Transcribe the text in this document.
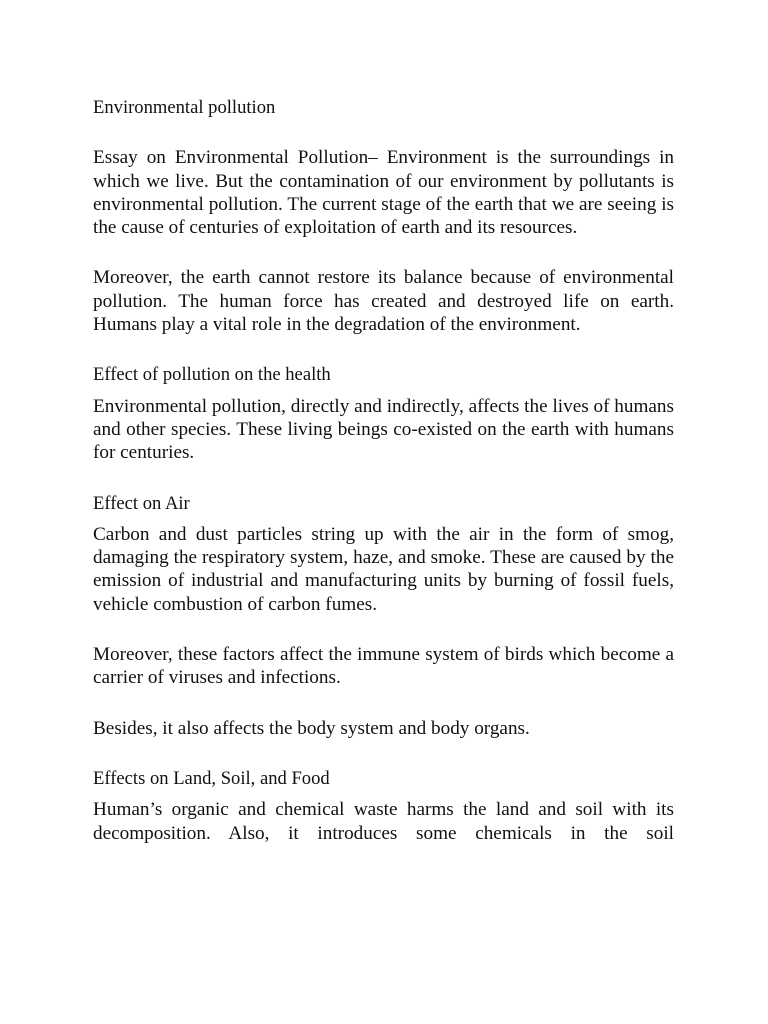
Environmental pollution

Essay on Environmental Pollution– Environment is the surroundings in which we live. But the contamination of our environment by pollutants is environmental pollution. The current stage of the earth that we are seeing is the cause of centuries of exploitation of earth and its resources.

Moreover, the earth cannot restore its balance because of environmental pollution. The human force has created and destroyed life on earth. Humans play a vital role in the degradation of the environment.

Effect of pollution on the health

Environmental pollution, directly and indirectly, affects the lives of humans and other species. These living beings co-existed on the earth with humans for centuries.

Effect on Air

Carbon and dust particles string up with the air in the form of smog, damaging the respiratory system, haze, and smoke. These are caused by the emission of industrial and manufacturing units by burning of fossil fuels, vehicle combustion of carbon fumes.

Moreover, these factors affect the immune system of birds which become a carrier of viruses and infections.

Besides, it also affects the body system and body organs.

Effects on Land, Soil, and Food

Human’s organic and chemical waste harms the land and soil with its decomposition. Also, it introduces some chemicals in the soil
